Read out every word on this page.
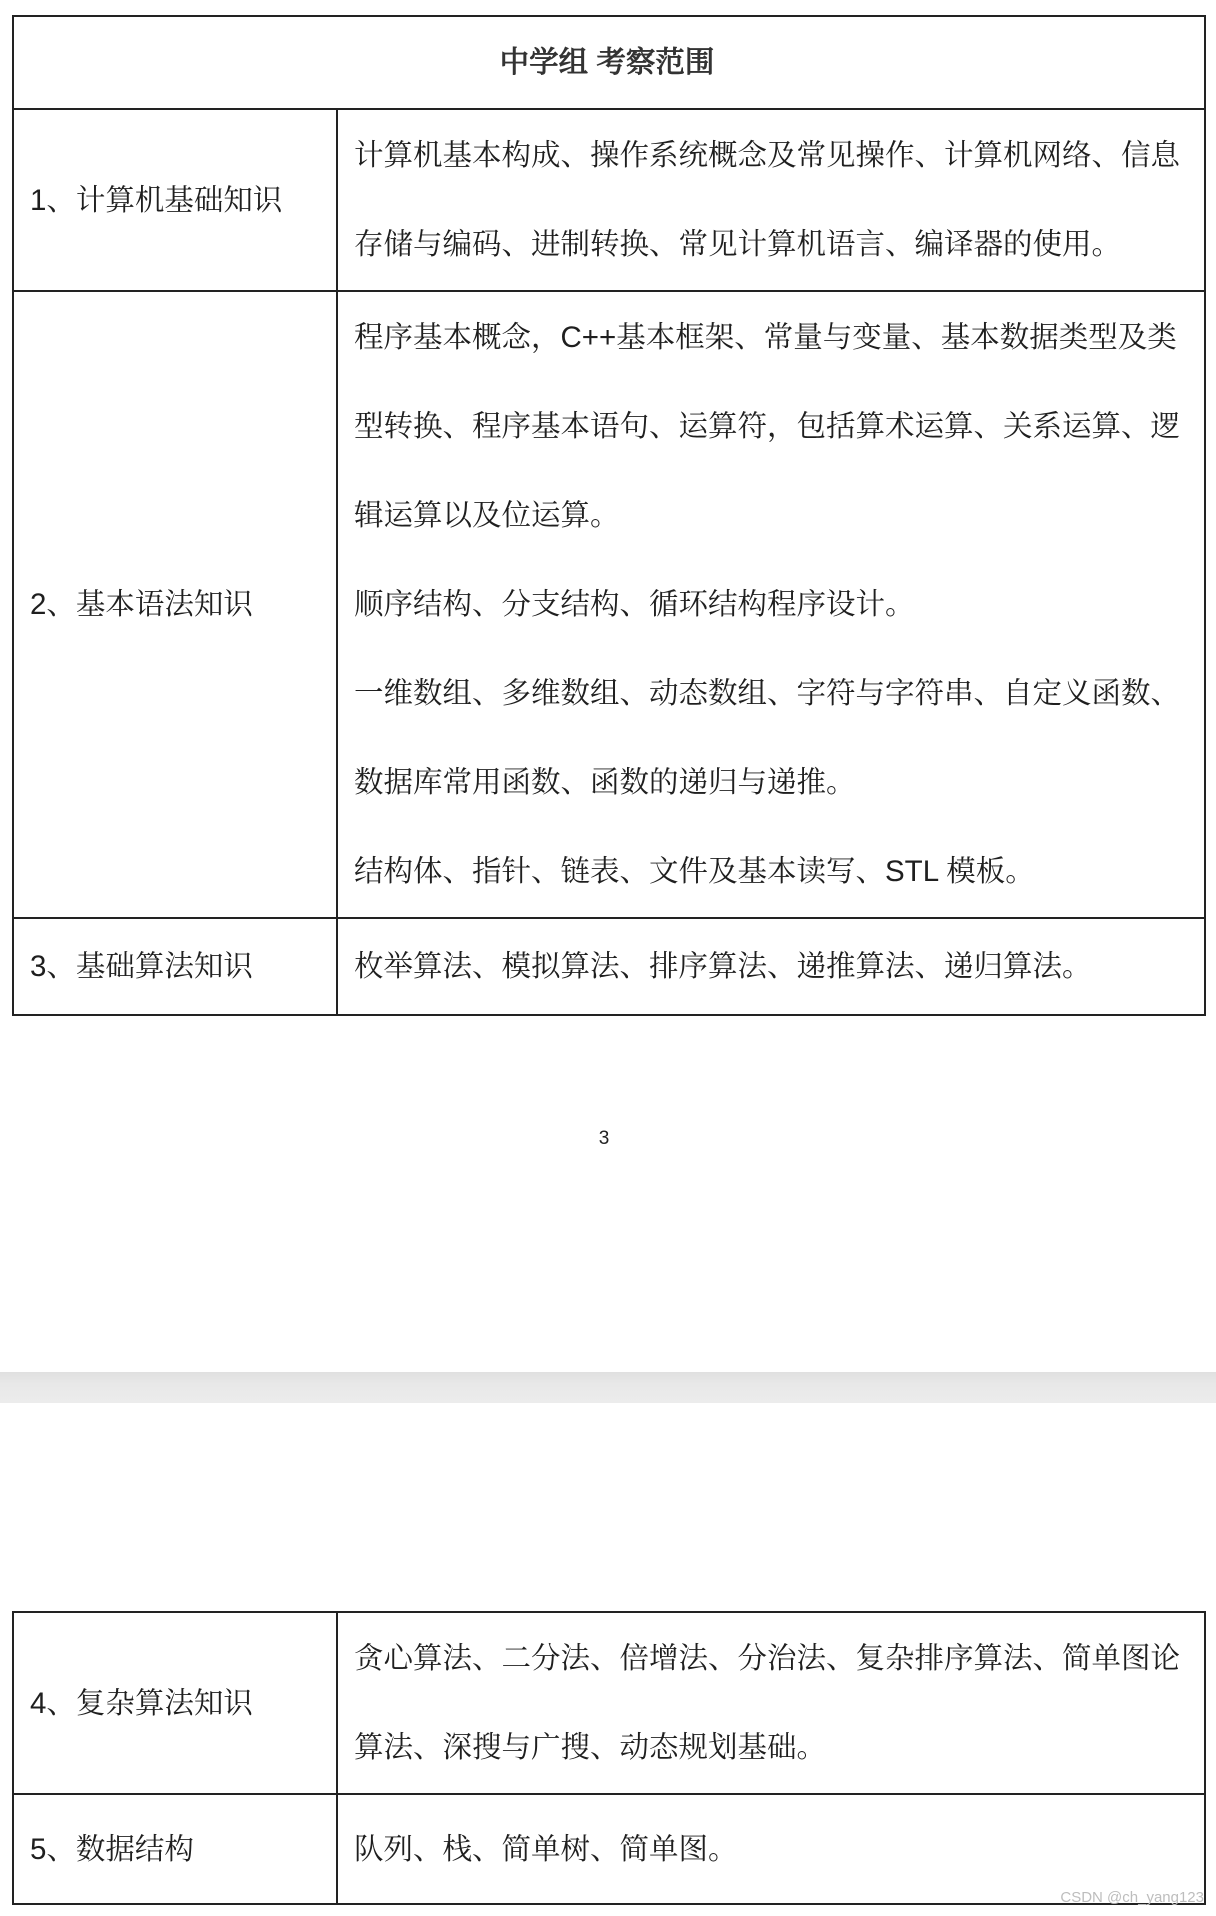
中学组 考察范围	
1、计算机基础知识	计算机基本构成、操作系统概念及常见操作、计算机网络、信息存储与编码、进制转换、常见计算机语言、编译器的使用。

2、基本语法知识	程序基本概念，C++基本框架、常量与变量、基本数据类型及类型转换、程序基本语句、运算符，包括算术运算、关系运算、逻辑运算以及位运算。

顺序结构、分支结构、循环结构程序设计。

一维数组、多维数组、动态数组、字符与字符串、自定义函数、数据库常用函数、函数的递归与递推。

结构体、指针、链表、文件及基本读写、STL 模板。

3、基础算法知识	枚举算法、模拟算法、排序算法、递推算法、递归算法。

3
4、复杂算法知识	贪心算法、二分法、倍增法、分治法、复杂排序算法、简单图论算法、深搜与广搜、动态规划基础。

5、数据结构	队列、栈、简单树、简单图。

CSDN @ch_yang123
